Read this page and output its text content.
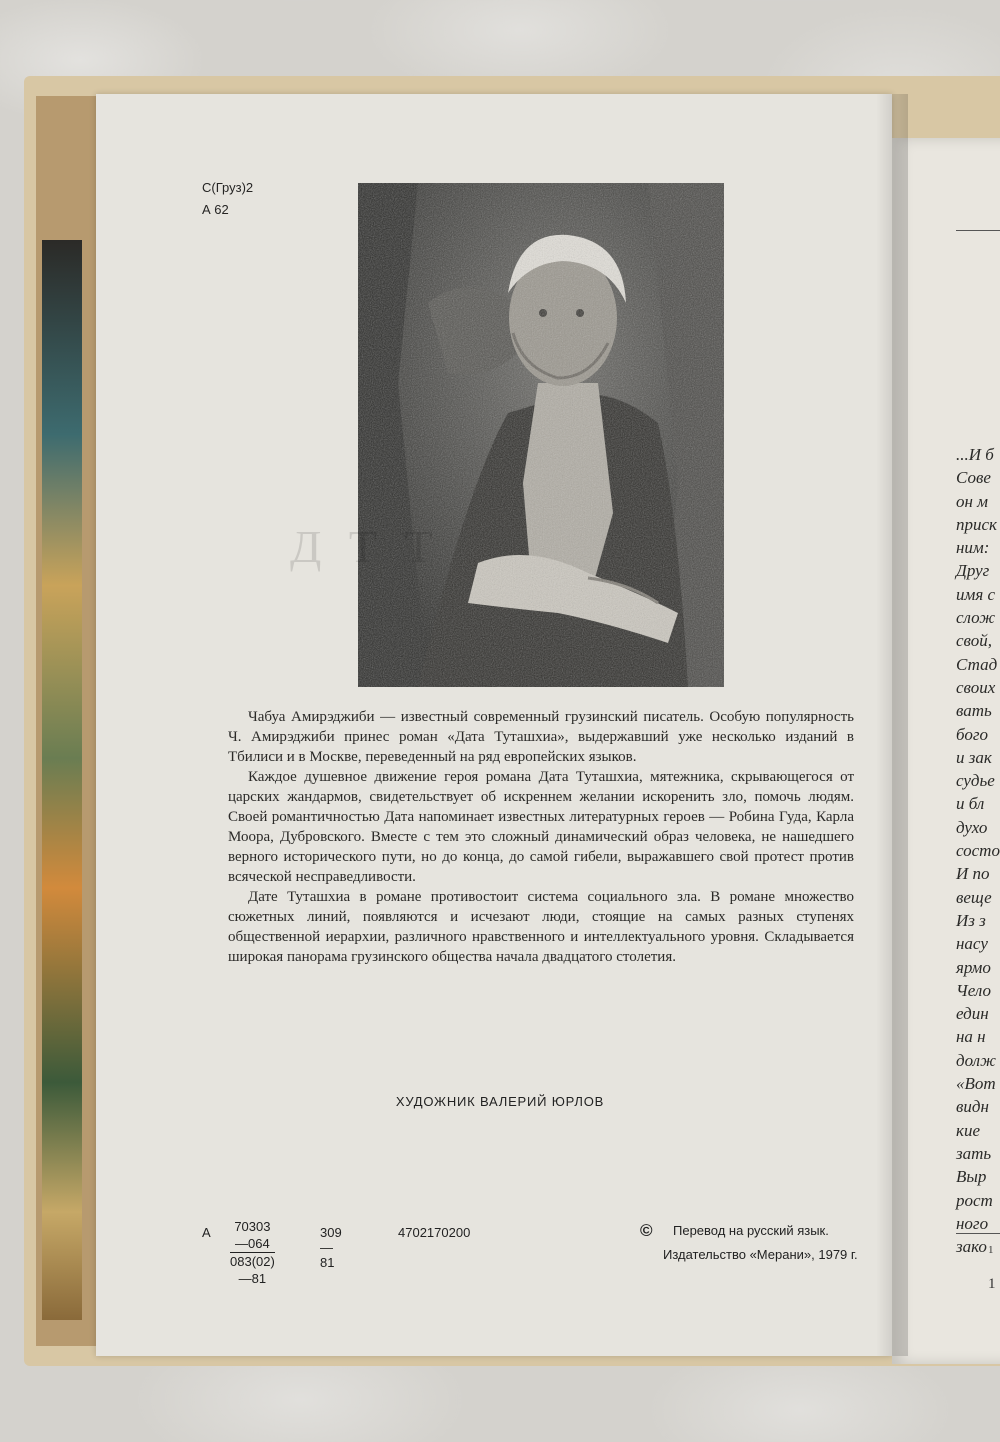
С(Груз)2
А 62
Д Т Т

Чабуа Амирэджиби — известный современный грузинский писатель. Особую популярность Ч. Амирэджиби принес роман «Дата Туташхиа», выдержавший уже несколько изданий в Тбилиси и в Москве, переведенный на ряд европейских языков.

Каждое душевное движение героя романа Дата Туташхиа, мятежника, скрывающегося от царских жандармов, свидетельствует об искреннем желании искоренить зло, помочь людям. Своей романтичностью Дата напоминает известных литературных героев — Робина Гуда, Карла Моора, Дубровского. Вместе с тем это сложный динамический образ человека, не нашедшего верного исторического пути, но до конца, до самой гибели, выражавшего свой протест против всяческой несправедливости.

Дате Туташхиа в романе противостоит система социального зла. В романе множество сюжетных линий, появляются и исчезают люди, стоящие на самых разных ступенях общественной иерархии, различного нравственного и интеллектуального уровня. Складывается широкая панорама грузинского общества начала двадцатого столетия.

ХУДОЖНИК ВАЛЕРИЙ ЮРЛОВ
А $\frac{70303—064}{083(02)—81}$	309—81
4702170200	© Перевод на русский язык.
Издательство «Мерани», 1979 г.
...И б
Сове
он м
приск
ним:
Друг
имя с
слож
свой,
Стад
своих
вать
бого
и зак
судье
и бл
духо
состо
И по
веще
Из з
насу
ярмо
Чело
един
на н
долж
«Вот
видн
кие
зать
Выр
рост
ного
зако 1
1
